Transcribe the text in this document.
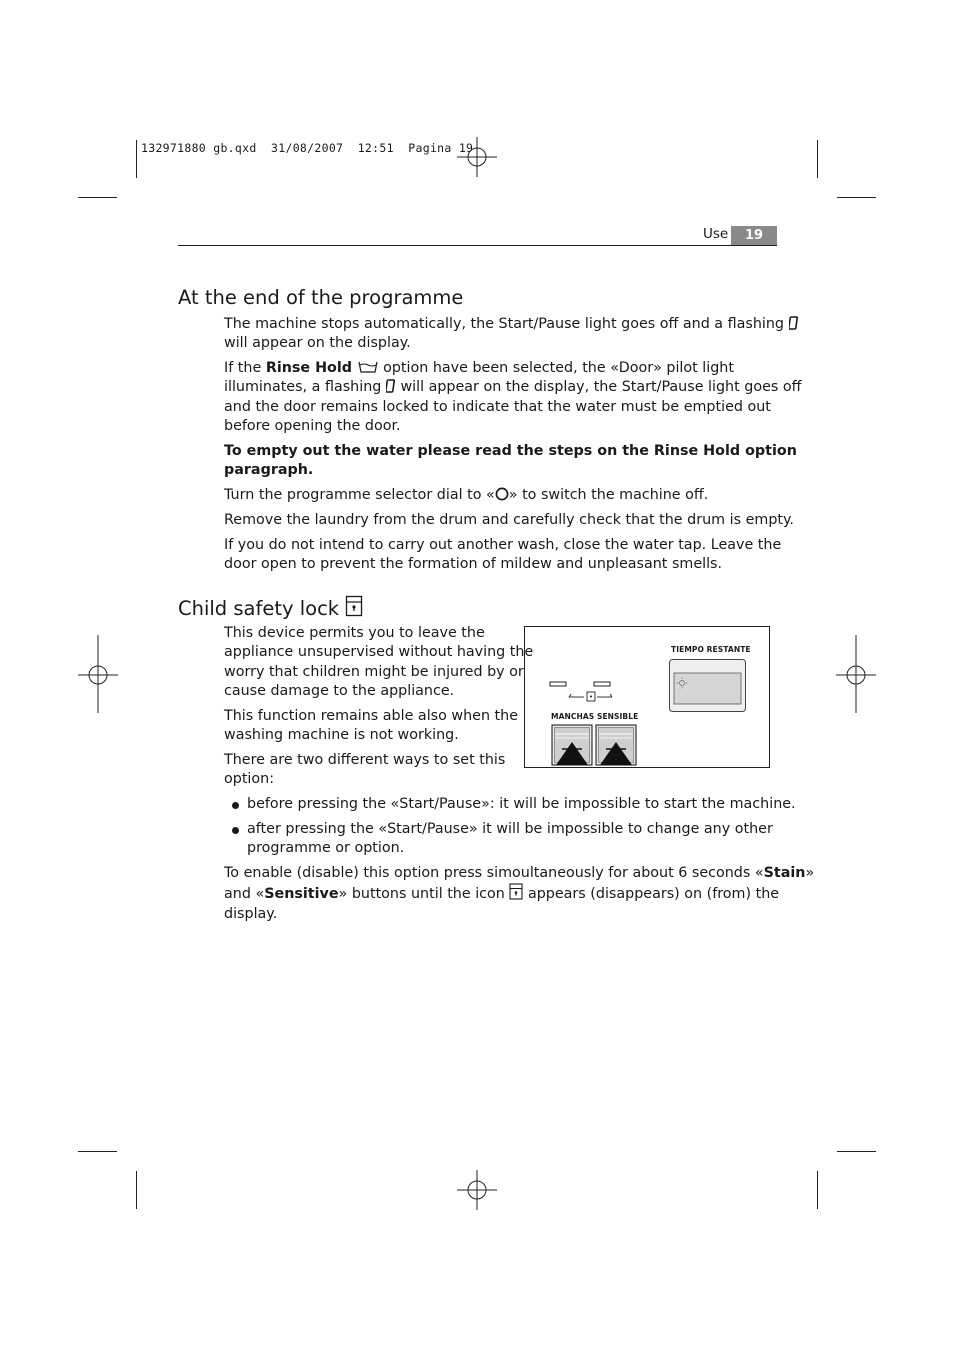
132971880 gb.qxd  31/08/2007  12:51  Pagina 19
Use	19
At the end of the programme

The machine stops automatically, the Start/Pause light goes off and a flashing
will appear on the display.

If the Rinse Hold option have been selected, the «Door» pilot light
illuminates, a flashing will appear on the display, the Start/Pause light goes off
and the door remains locked to indicate that the water must be emptied out
before opening the door.

To empty out the water please read the steps on the Rinse Hold option
paragraph.

Turn the programme selector dial to « » to switch the machine off.

Remove the laundry from the drum and carefully check that the drum is empty.

If you do not intend to carry out another wash, close the water tap. Leave the
door open to prevent the formation of mildew and unpleasant smells.

Child safety lock

This device permits you to leave the
appliance unsupervised without having the
worry that children might be injured by or
cause damage to the appliance.

This function remains able also when the
washing machine is not working.

There are two different ways to set this
option:

TIEMPO RESTANTE
MANCHAS SENSIBLE

before pressing the «Start/Pause»: it will be impossible to start the machine.

after pressing the «Start/Pause» it will be impossible to change any other
programme or option.

To enable (disable) this option press simoultaneously for about 6 seconds «Stain»
and «Sensitive» buttons until the icon appears (disappears) on (from) the
display.
